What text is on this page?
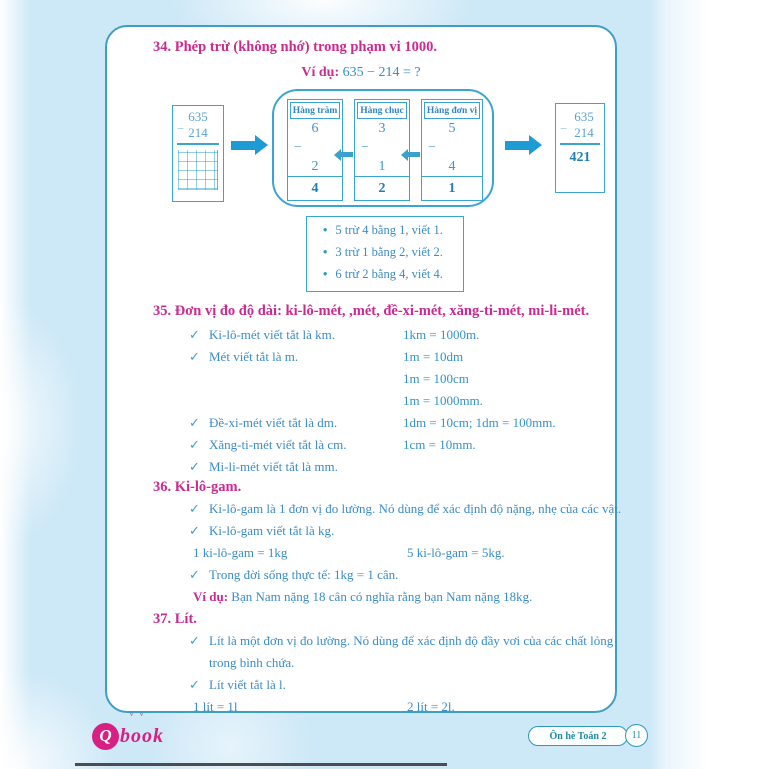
34. Phép trừ (không nhớ) trong phạm vi 1000.
Ví dụ: 635 − 214 = ?
635
− 214
Hàng trăm
6
−
2
4
Hàng chục
3
−
1
2
Hàng đơn vị
5
−
4
1
635
− 214
421
• 5 trừ 4 bằng 1, viết 1.
• 3 trừ 1 bằng 2, viết 2.
• 6 trừ 2 bằng 4, viết 4.
35. Đơn vị đo độ dài: ki-lô-mét, ,mét, đề-xi-mét, xăng-ti-mét, mi-li-mét.
✓ Ki-lô-mét viết tắt là km.	1km = 1000m.
✓ Mét viết tắt là m.	1m = 10dm
1m = 100cm
1m = 1000mm.
✓ Đề-xi-mét viết tắt là dm.	1dm = 10cm; 1dm = 100mm.
✓ Xăng-ti-mét viết tắt là cm.	1cm = 10mm.
✓ Mi-li-mét viết tắt là mm.
36. Ki-lô-gam.
✓ Ki-lô-gam là 1 đơn vị đo lường. Nó dùng để xác định độ nặng, nhẹ của các vật.
✓ Ki-lô-gam viết tắt là kg.
1 ki-lô-gam = 1kg	5 ki-lô-gam = 5kg.
✓ Trong đời sống thực tế: 1kg = 1 cân.
Ví dụ: Bạn Nam nặng 18 cân có nghĩa rằng bạn Nam nặng 18kg.
37. Lít.
✓ Lít là một đơn vị đo lường. Nó dùng để xác định độ đầy vơi của các chất lỏng
trong bình chứa.
✓ Lít viết tắt là l.
1 lít = 1l	2 lít = 2l.
Q book
ᵛ ᵛ
Ôn hè Toán 2	11
